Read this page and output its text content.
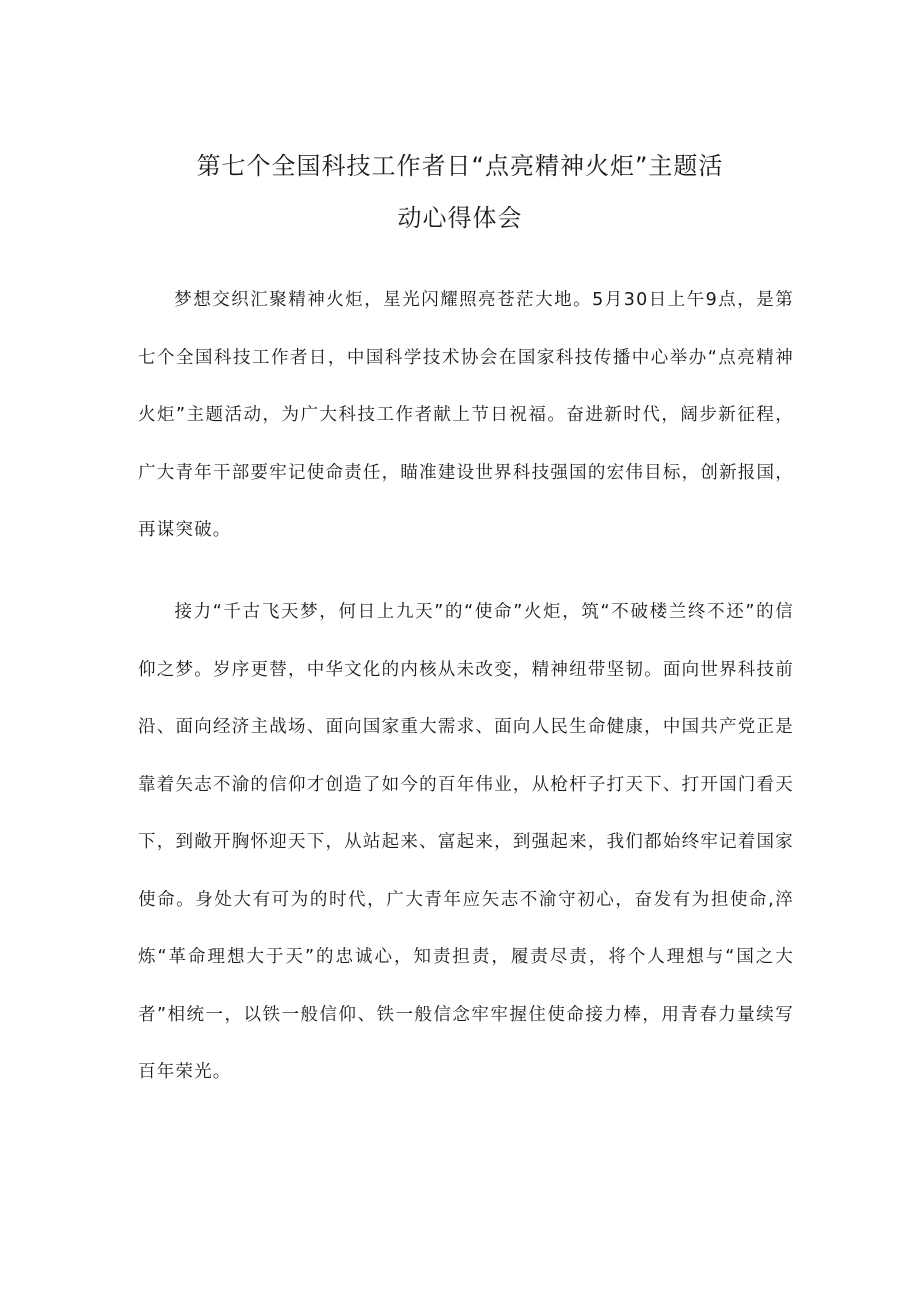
第七个全国科技工作者日“点亮精神火炬”主题活
动心得体会

梦想交织汇聚精神火炬，星光闪耀照亮苍茫大地。5月30日上午9点，是第七个全国科技工作者日，中国科学技术协会在国家科技传播中心举办“点亮精神火炬”主题活动，为广大科技工作者献上节日祝福。奋进新时代，阔步新征程，广大青年干部要牢记使命责任，瞄准建设世界科技强国的宏伟目标，创新报国，再谋突破。

接力“千古飞天梦，何日上九天”的“使命”火炬，筑“不破楼兰终不还”的信仰之梦。岁序更替，中华文化的内核从未改变，精神纽带坚韧。面向世界科技前沿、面向经济主战场、面向国家重大需求、面向人民生命健康，中国共产党正是靠着矢志不渝的信仰才创造了如今的百年伟业，从枪杆子打天下、打开国门看天下，到敞开胸怀迎天下，从站起来、富起来，到强起来，我们都始终牢记着国家使命。身处大有可为的时代，广大青年应矢志不渝守初心，奋发有为担使命,淬炼“革命理想大于天”的忠诚心，知责担责，履责尽责，将个人理想与“国之大者”相统一，以铁一般信仰、铁一般信念牢牢握住使命接力棒，用青春力量续写百年荣光。
